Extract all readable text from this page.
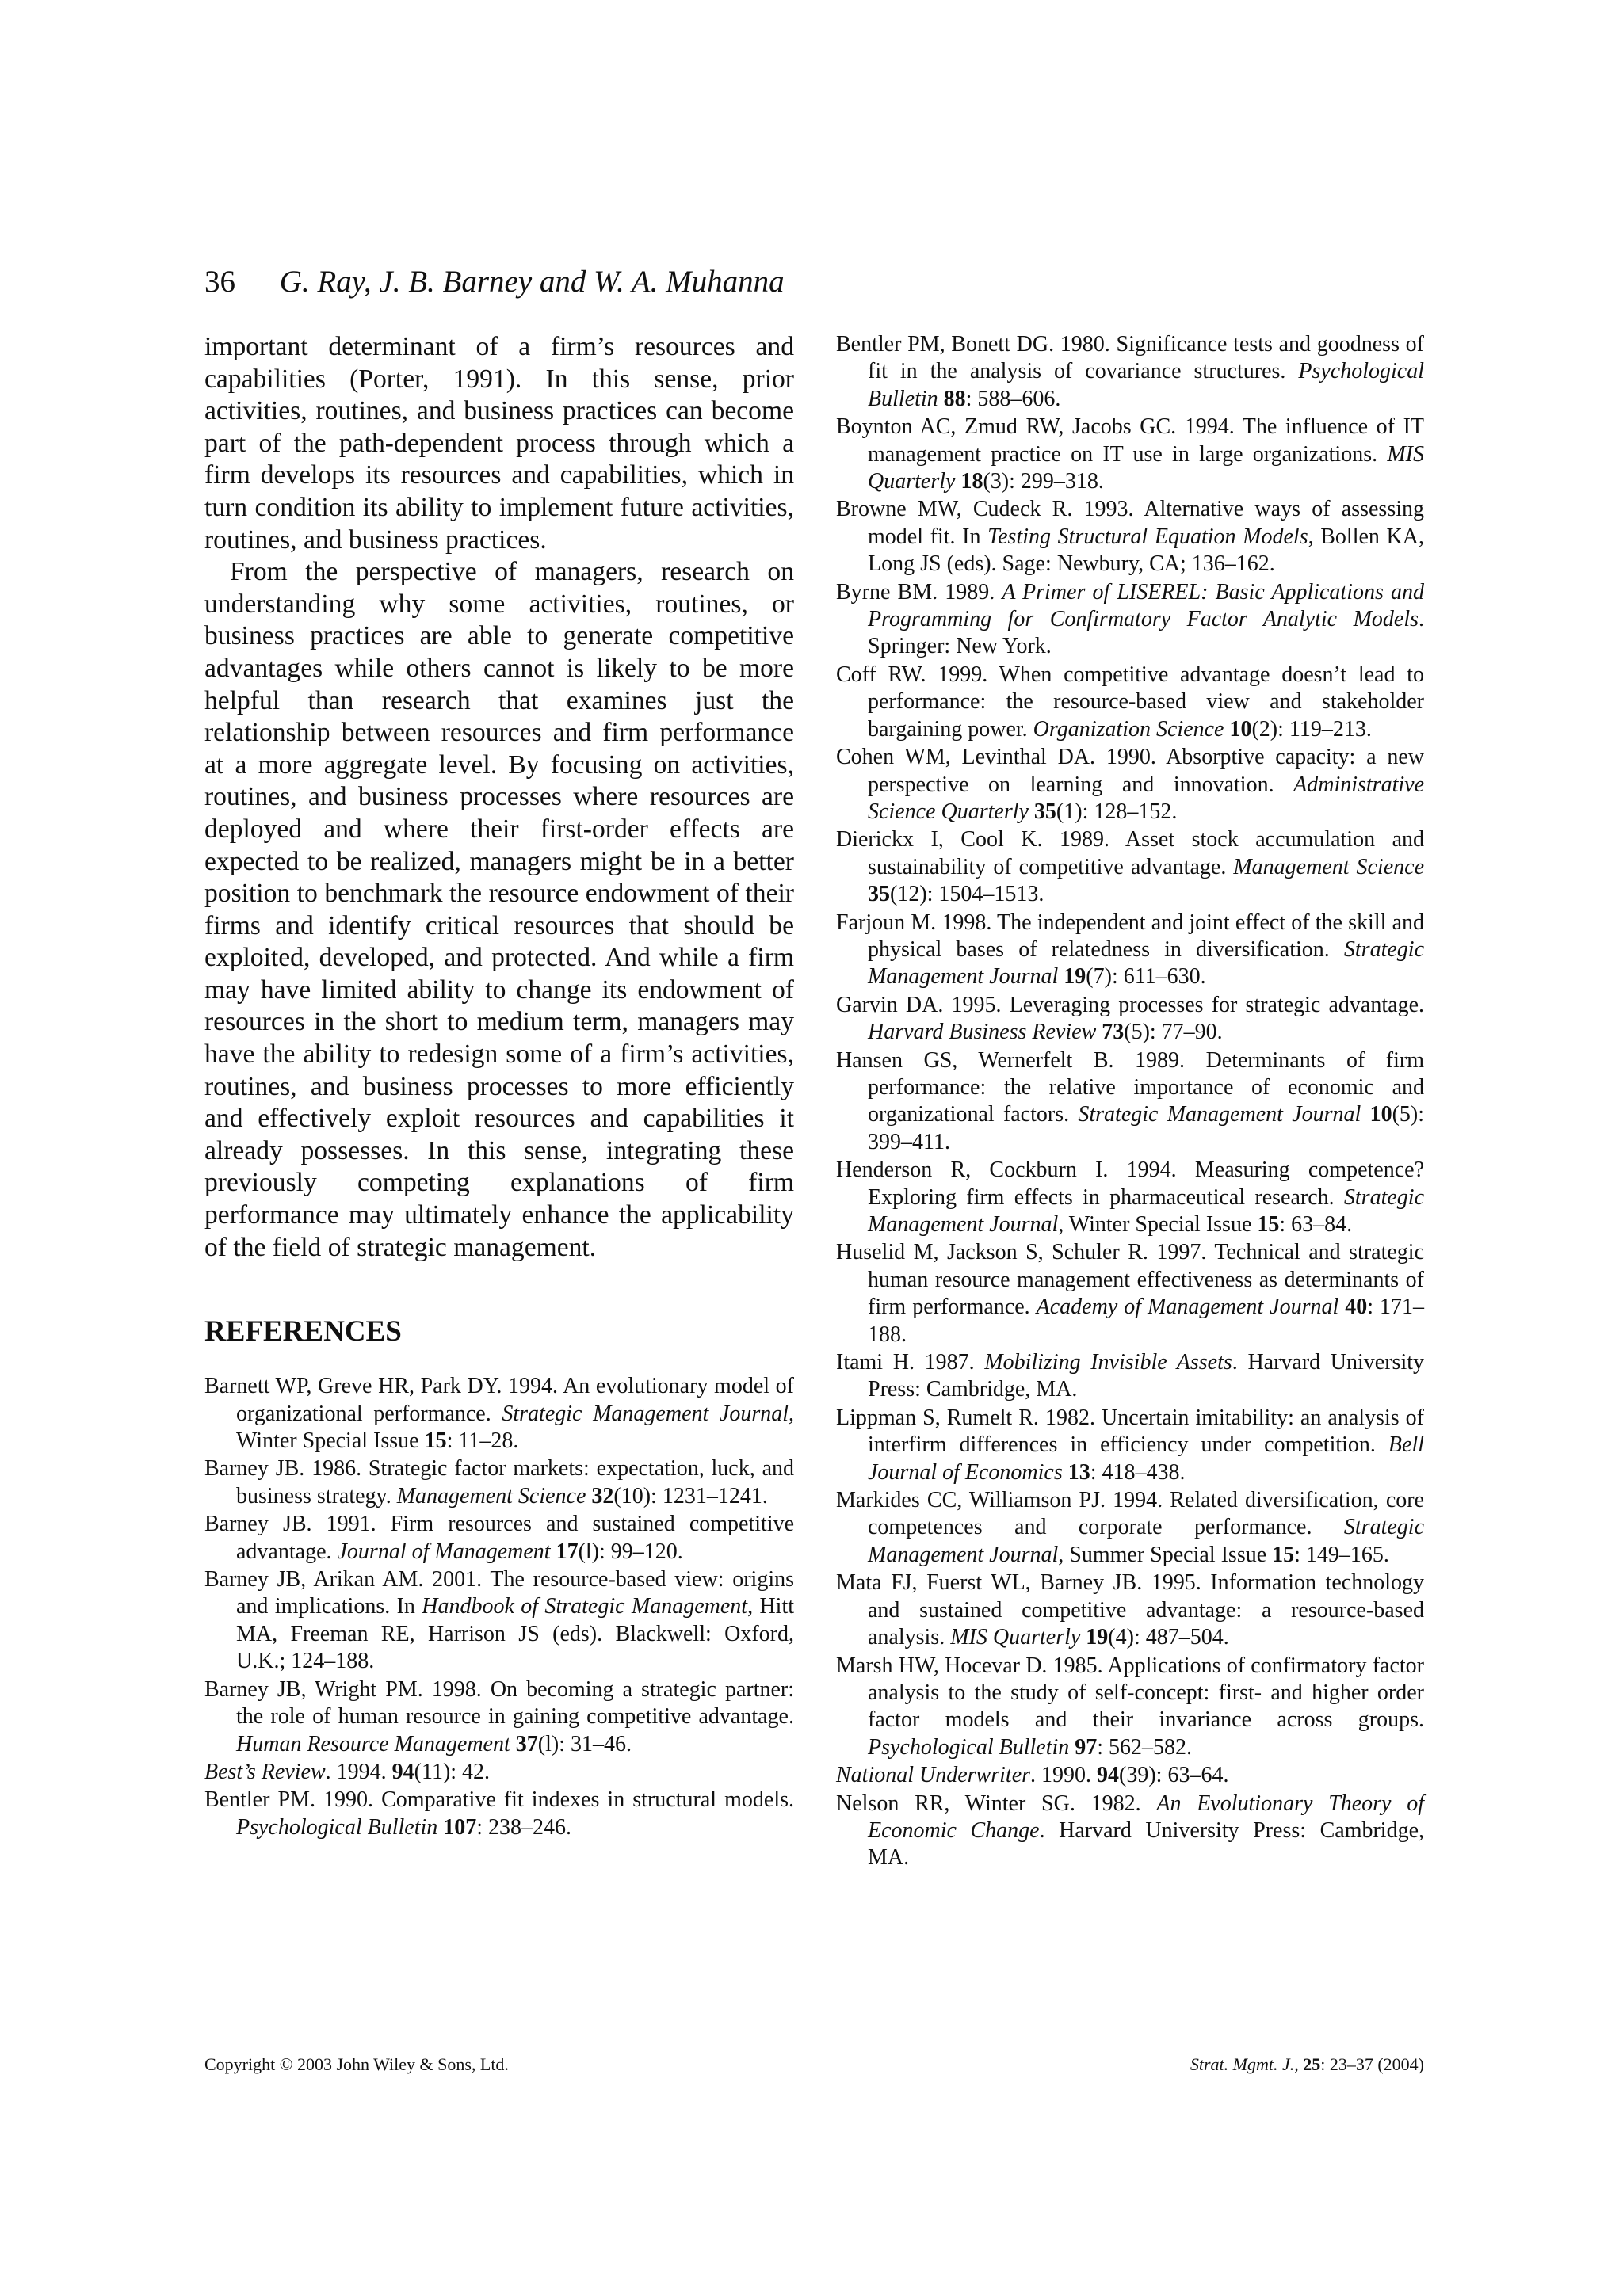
36 G. Ray, J. B. Barney and W. A. Muhanna

important determinant of a firm’s resources and capabilities (Porter, 1991). In this sense, prior activities, routines, and business practices can become part of the path-dependent process through which a firm develops its resources and capabilities, which in turn condition its ability to implement future activities, routines, and business practices.

From the perspective of managers, research on understanding why some activities, routines, or business practices are able to generate competitive advantages while others cannot is likely to be more helpful than research that examines just the relationship between resources and firm performance at a more aggregate level. By focusing on activities, routines, and business processes where resources are deployed and where their first-order effects are expected to be realized, managers might be in a better position to benchmark the resource endowment of their firms and identify critical resources that should be exploited, developed, and protected. And while a firm may have limited ability to change its endowment of resources in the short to medium term, managers may have the ability to redesign some of a firm’s activities, routines, and business processes to more efficiently and effectively exploit resources and capabilities it already possesses. In this sense, integrating these previously competing explanations of firm performance may ultimately enhance the applicability of the field of strategic management.

REFERENCES
Barnett WP, Greve HR, Park DY. 1994. An evolutionary model of organizational performance. Strategic Management Journal, Winter Special Issue 15: 11–28.
Barney JB. 1986. Strategic factor markets: expectation, luck, and business strategy. Management Science 32(10): 1231–1241.
Barney JB. 1991. Firm resources and sustained competitive advantage. Journal of Management 17(l): 99–120.
Barney JB, Arikan AM. 2001. The resource-based view: origins and implications. In Handbook of Strategic Management, Hitt MA, Freeman RE, Harrison JS (eds). Blackwell: Oxford, U.K.; 124–188.
Barney JB, Wright PM. 1998. On becoming a strategic partner: the role of human resource in gaining competitive advantage. Human Resource Management 37(l): 31–46.
Best’s Review. 1994. 94(11): 42.
Bentler PM. 1990. Comparative fit indexes in structural models. Psychological Bulletin 107: 238–246.
Bentler PM, Bonett DG. 1980. Significance tests and goodness of fit in the analysis of covariance structures. Psychological Bulletin 88: 588–606.
Boynton AC, Zmud RW, Jacobs GC. 1994. The influence of IT management practice on IT use in large organizations. MIS Quarterly 18(3): 299–318.
Browne MW, Cudeck R. 1993. Alternative ways of assessing model fit. In Testing Structural Equation Models, Bollen KA, Long JS (eds). Sage: Newbury, CA; 136–162.
Byrne BM. 1989. A Primer of LISEREL: Basic Applications and Programming for Confirmatory Factor Analytic Models. Springer: New York.
Coff RW. 1999. When competitive advantage doesn’t lead to performance: the resource-based view and stakeholder bargaining power. Organization Science 10(2): 119–213.
Cohen WM, Levinthal DA. 1990. Absorptive capacity: a new perspective on learning and innovation. Administrative Science Quarterly 35(1): 128–152.
Dierickx I, Cool K. 1989. Asset stock accumulation and sustainability of competitive advantage. Management Science 35(12): 1504–1513.
Farjoun M. 1998. The independent and joint effect of the skill and physical bases of relatedness in diversification. Strategic Management Journal 19(7): 611–630.
Garvin DA. 1995. Leveraging processes for strategic advantage. Harvard Business Review 73(5): 77–90.
Hansen GS, Wernerfelt B. 1989. Determinants of firm performance: the relative importance of economic and organizational factors. Strategic Management Journal 10(5): 399–411.
Henderson R, Cockburn I. 1994. Measuring competence? Exploring firm effects in pharmaceutical research. Strategic Management Journal, Winter Special Issue 15: 63–84.
Huselid M, Jackson S, Schuler R. 1997. Technical and strategic human resource management effectiveness as determinants of firm performance. Academy of Management Journal 40: 171–188.
Itami H. 1987. Mobilizing Invisible Assets. Harvard University Press: Cambridge, MA.
Lippman S, Rumelt R. 1982. Uncertain imitability: an analysis of interfirm differences in efficiency under competition. Bell Journal of Economics 13: 418–438.
Markides CC, Williamson PJ. 1994. Related diversification, core competences and corporate performance. Strategic Management Journal, Summer Special Issue 15: 149–165.
Mata FJ, Fuerst WL, Barney JB. 1995. Information technology and sustained competitive advantage: a resource-based analysis. MIS Quarterly 19(4): 487–504.
Marsh HW, Hocevar D. 1985. Applications of confirmatory factor analysis to the study of self-concept: first- and higher order factor models and their invariance across groups. Psychological Bulletin 97: 562–582.
National Underwriter. 1990. 94(39): 63–64.
Nelson RR, Winter SG. 1982. An Evolutionary Theory of Economic Change. Harvard University Press: Cambridge, MA.
Copyright © 2003 John Wiley & Sons, Ltd.	Strat. Mgmt. J., 25: 23–37 (2004)
